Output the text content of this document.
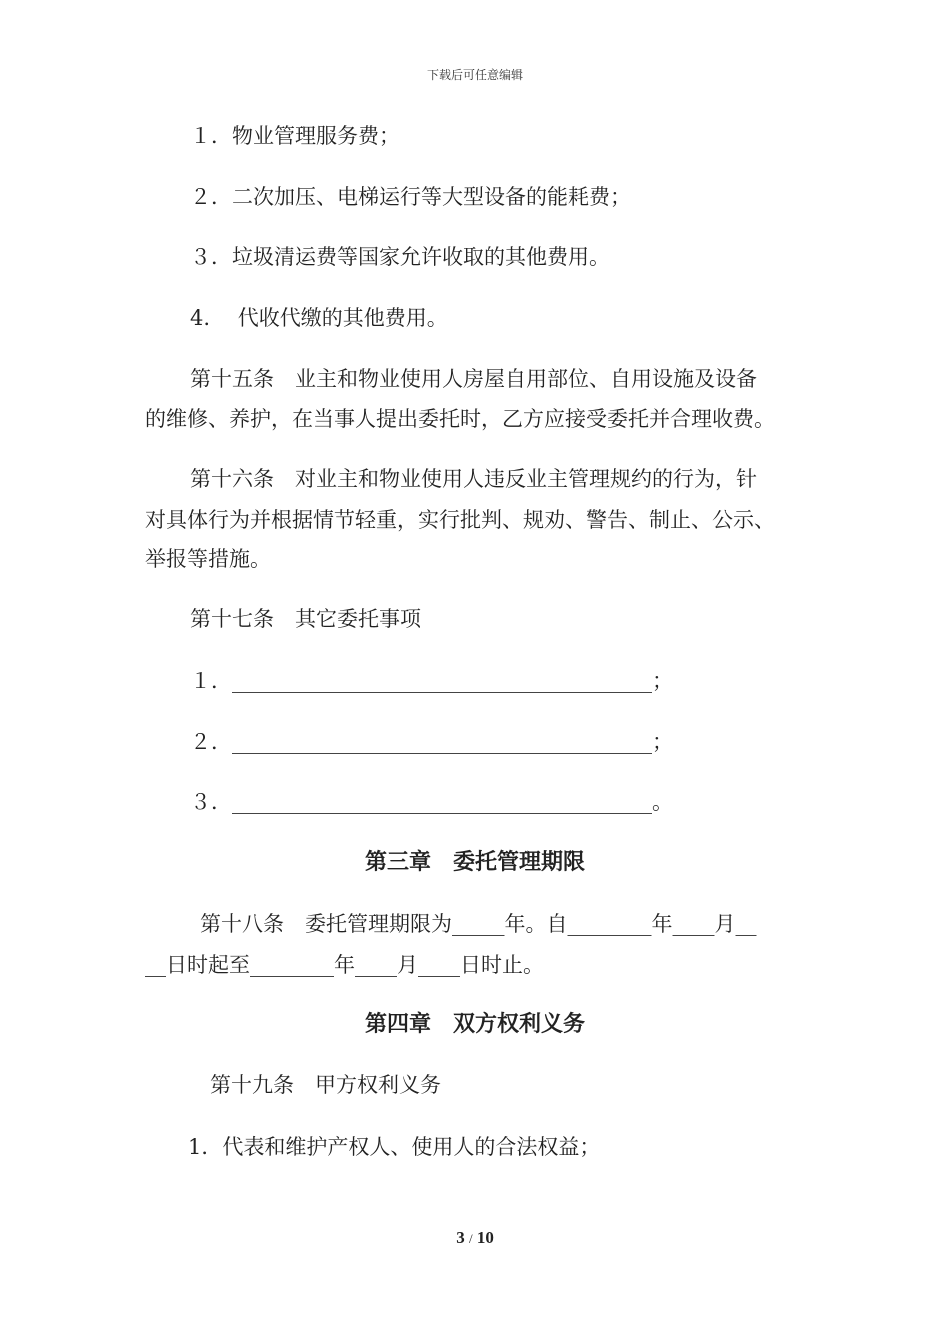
下载后可任意编辑
１．物业管理服务费；
２．二次加压、电梯运行等大型设备的能耗费；
３．垃圾清运费等国家允许收取的其他费用。
4.　 代收代缴的其他费用。
第十五条　业主和物业使用人房屋自用部位、自用设施及设备
的维修、养护，在当事人提出委托时，乙方应接受委托并合理收费。
第十六条　对业主和物业使用人违反业主管理规约的行为，针
对具体行为并根据情节轻重，实行批判、规劝、警告、制止、公示、
举报等措施。
第十七条　其它委托事项
１．________________________________________；
２．________________________________________；
３．________________________________________。
第三章　委托管理期限
第十八条　委托管理期限为_____年。自________年____月__
__日时起至________年____月____日时止。
第四章　双方权利义务
第十九条　甲方权利义务
1．代表和维护产权人、使用人的合法权益；
3 / 10
